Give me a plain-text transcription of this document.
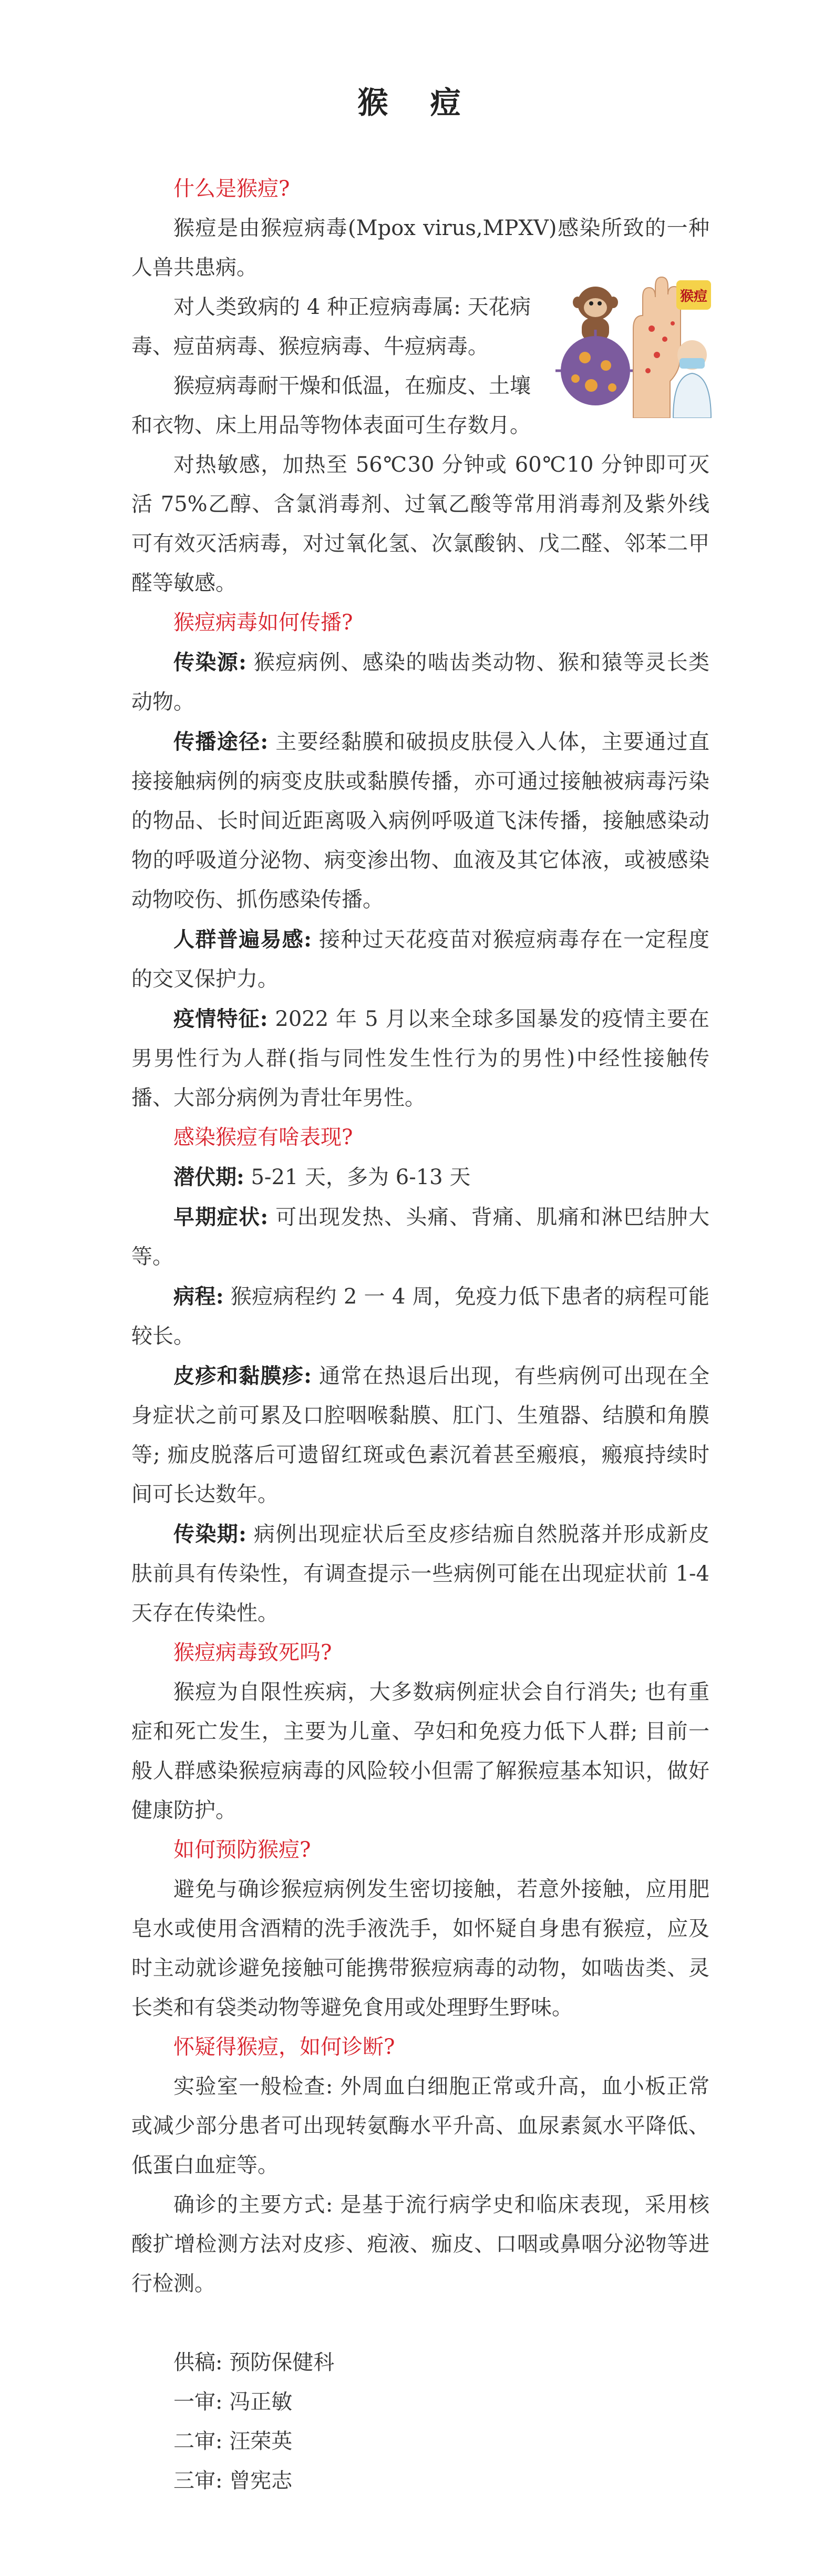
猴 痘
猴痘

什么是猴痘?

猴痘是由猴痘病毒(Mpox virus,MPXV)感染所致的一种人兽共患病。

对人类致病的 4 种正痘病毒属: 天花病毒、痘苗病毒、猴痘病毒、牛痘病毒。

猴痘病毒耐干燥和低温，在痂皮、土壤和衣物、床上用品等物体表面可生存数月。

对热敏感，加热至 56℃30 分钟或 60℃10 分钟即可灭活 75%乙醇、含氯消毒剂、过氧乙酸等常用消毒剂及紫外线可有效灭活病毒，对过氧化氢、次氯酸钠、戊二醛、邻苯二甲醛等敏感。

猴痘病毒如何传播?

传染源: 猴痘病例、感染的啮齿类动物、猴和猿等灵长类动物。

传播途径: 主要经黏膜和破损皮肤侵入人体，主要通过直接接触病例的病变皮肤或黏膜传播，亦可通过接触被病毒污染的物品、长时间近距离吸入病例呼吸道飞沫传播，接触感染动物的呼吸道分泌物、病变渗出物、血液及其它体液，或被感染动物咬伤、抓伤感染传播。

人群普遍易感: 接种过天花疫苗对猴痘病毒存在一定程度的交叉保护力。

疫情特征: 2022 年 5 月以来全球多国暴发的疫情主要在男男性行为人群(指与同性发生性行为的男性)中经性接触传播、大部分病例为青壮年男性。

感染猴痘有啥表现?

潜伏期: 5-21 天，多为 6-13 天

早期症状: 可出现发热、头痛、背痛、肌痛和淋巴结肿大等。

病程: 猴痘病程约 2 一 4 周，免疫力低下患者的病程可能较长。

皮疹和黏膜疹: 通常在热退后出现，有些病例可出现在全身症状之前可累及口腔咽喉黏膜、肛门、生殖器、结膜和角膜等; 痂皮脱落后可遗留红斑或色素沉着甚至瘢痕，瘢痕持续时间可长达数年。

传染期: 病例出现症状后至皮疹结痂自然脱落并形成新皮肤前具有传染性，有调查提示一些病例可能在出现症状前 1-4 天存在传染性。

猴痘病毒致死吗?

猴痘为自限性疾病，大多数病例症状会自行消失; 也有重症和死亡发生，主要为儿童、孕妇和免疫力低下人群; 目前一般人群感染猴痘病毒的风险较小但需了解猴痘基本知识，做好健康防护。

如何预防猴痘?

避免与确诊猴痘病例发生密切接触，若意外接触，应用肥皂水或使用含酒精的洗手液洗手，如怀疑自身患有猴痘，应及时主动就诊避免接触可能携带猴痘病毒的动物，如啮齿类、灵长类和有袋类动物等避免食用或处理野生野味。

怀疑得猴痘，如何诊断?

实验室一般检查: 外周血白细胞正常或升高，血小板正常或减少部分患者可出现转氨酶水平升高、血尿素氮水平降低、低蛋白血症等。

确诊的主要方式: 是基于流行病学史和临床表现，采用核酸扩增检测方法对皮疹、疱液、痂皮、口咽或鼻咽分泌物等进行检测。

供稿: 预防保健科

一审: 冯正敏

二审: 汪荣英

三审: 曾宪志
